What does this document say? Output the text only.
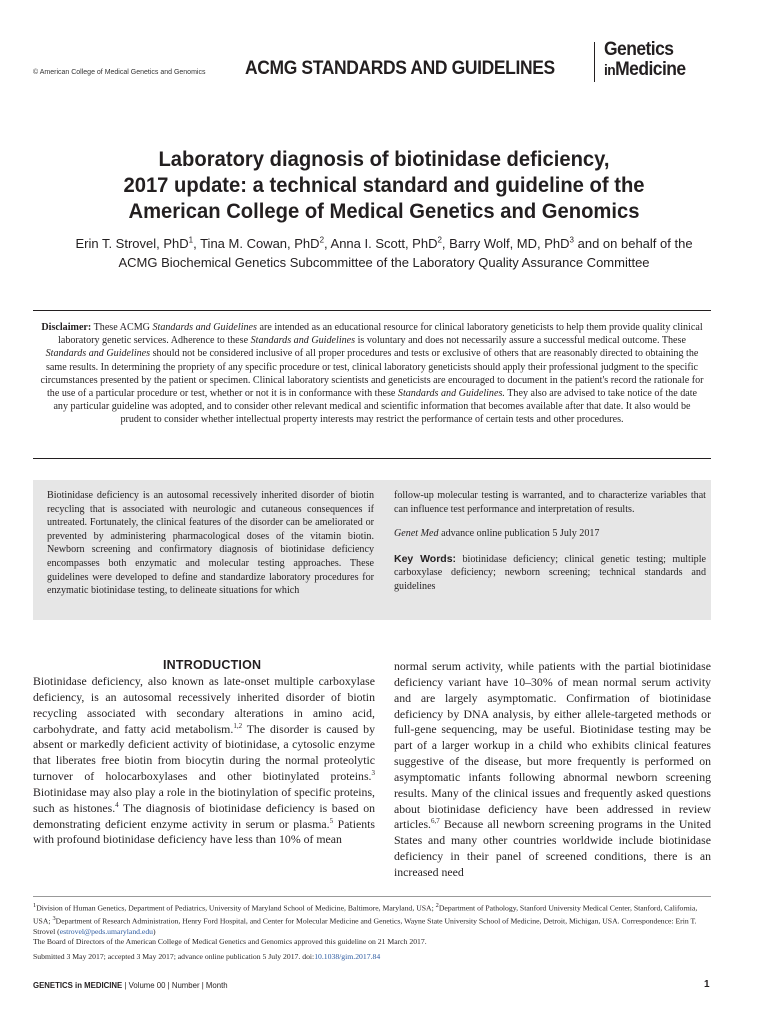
© American College of Medical Genetics and Genomics ACMG STANDARDS AND GUIDELINES
Genetics
inMedicine
Laboratory diagnosis of biotinidase deficiency,
2017 update: a technical standard and guideline of the
American College of Medical Genetics and Genomics
Erin T. Strovel, PhD$^1$, Tina M. Cowan, PhD$^2$, Anna I. Scott, PhD$^2$, Barry Wolf, MD, PhD$^3$ and on behalf of the ACMG Biochemical Genetics Subcommittee of the Laboratory Quality Assurance Committee
Disclaimer: These ACMG Standards and Guidelines are intended as an educational resource for clinical laboratory geneticists to help them provide quality clinical laboratory genetic services. Adherence to these Standards and Guidelines is voluntary and does not necessarily assure a successful medical outcome. These Standards and Guidelines should not be considered inclusive of all proper procedures and tests or exclusive of others that are reasonably directed to obtaining the same results. In determining the propriety of any specific procedure or test, clinical laboratory geneticists should apply their professional judgment to the specific circumstances presented by the patient or specimen. Clinical laboratory scientists and geneticists are encouraged to document in the patient's record the rationale for the use of a particular procedure or test, whether or not it is in conformance with these Standards and Guidelines. They also are advised to take notice of the date any particular guideline was adopted, and to consider other relevant medical and scientific information that becomes available after that date. It also would be prudent to consider whether intellectual property interests may restrict the performance of certain tests and other procedures.
Biotinidase deficiency is an autosomal recessively inherited disorder of biotin recycling that is associated with neurologic and cutaneous consequences if untreated. Fortunately, the clinical features of the disorder can be ameliorated or prevented by administering pharmacological doses of the vitamin biotin. Newborn screening and confirmatory diagnosis of biotinidase deficiency encompasses both enzymatic and molecular testing approaches. These guidelines were developed to define and standardize laboratory procedures for enzymatic biotinidase testing, to delineate situations for which
follow-up molecular testing is warranted, and to characterize variables that can influence test performance and interpretation of results.
Genet Med advance online publication 5 July 2017
Key Words: biotinidase deficiency; clinical genetic testing; multiple carboxylase deficiency; newborn screening; technical standards and guidelines
INTRODUCTION
Biotinidase deficiency, also known as late-onset multiple carboxylase deficiency, is an autosomal recessively inherited disorder of biotin recycling associated with secondary alterations in amino acid, carbohydrate, and fatty acid metabolism.$^{1,2}$ The disorder is caused by absent or markedly deficient activity of biotinidase, a cytosolic enzyme that liberates free biotin from biocytin during the normal proteolytic turnover of holocarboxylases and other biotinylated proteins.$^3$ Biotinidase may also play a role in the biotinylation of specific proteins, such as histones.$^4$ The diagnosis of biotinidase deficiency is based on demonstrating deficient enzyme activity in serum or plasma.$^5$ Patients with profound biotinidase deficiency have less than 10% of mean
normal serum activity, while patients with the partial biotinidase deficiency variant have 10–30% of mean normal serum activity and are largely asymptomatic. Confirmation of biotinidase deficiency by DNA analysis, by either allele-targeted methods or full-gene sequencing, may be useful. Biotinidase testing may be part of a larger workup in a child who exhibits clinical features suggestive of the disease, but more frequently is performed on asymptomatic infants following abnormal newborn screening results. Many of the clinical issues and frequently asked questions about biotinidase deficiency have been addressed in review articles.$^{6,7}$ Because all newborn screening programs in the United States and many other countries worldwide include biotinidase deficiency in their panel of screened conditions, there is an increased need
$^1$Division of Human Genetics, Department of Pediatrics, University of Maryland School of Medicine, Baltimore, Maryland, USA; $^2$Department of Pathology, Stanford University Medical Center, Stanford, California, USA; $^3$Department of Research Administration, Henry Ford Hospital, and Center for Molecular Medicine and Genetics, Wayne State University School of Medicine, Detroit, Michigan, USA. Correspondence: Erin T. Strovel (estrovel@peds.umaryland.edu)
The Board of Directors of the American College of Medical Genetics and Genomics approved this guideline on 21 March 2017.
Submitted 3 May 2017; accepted 3 May 2017; advance online publication 5 July 2017. doi:10.1038/gim.2017.84
GENETICS in MEDICINE | Volume 00 | Number | Month	1
